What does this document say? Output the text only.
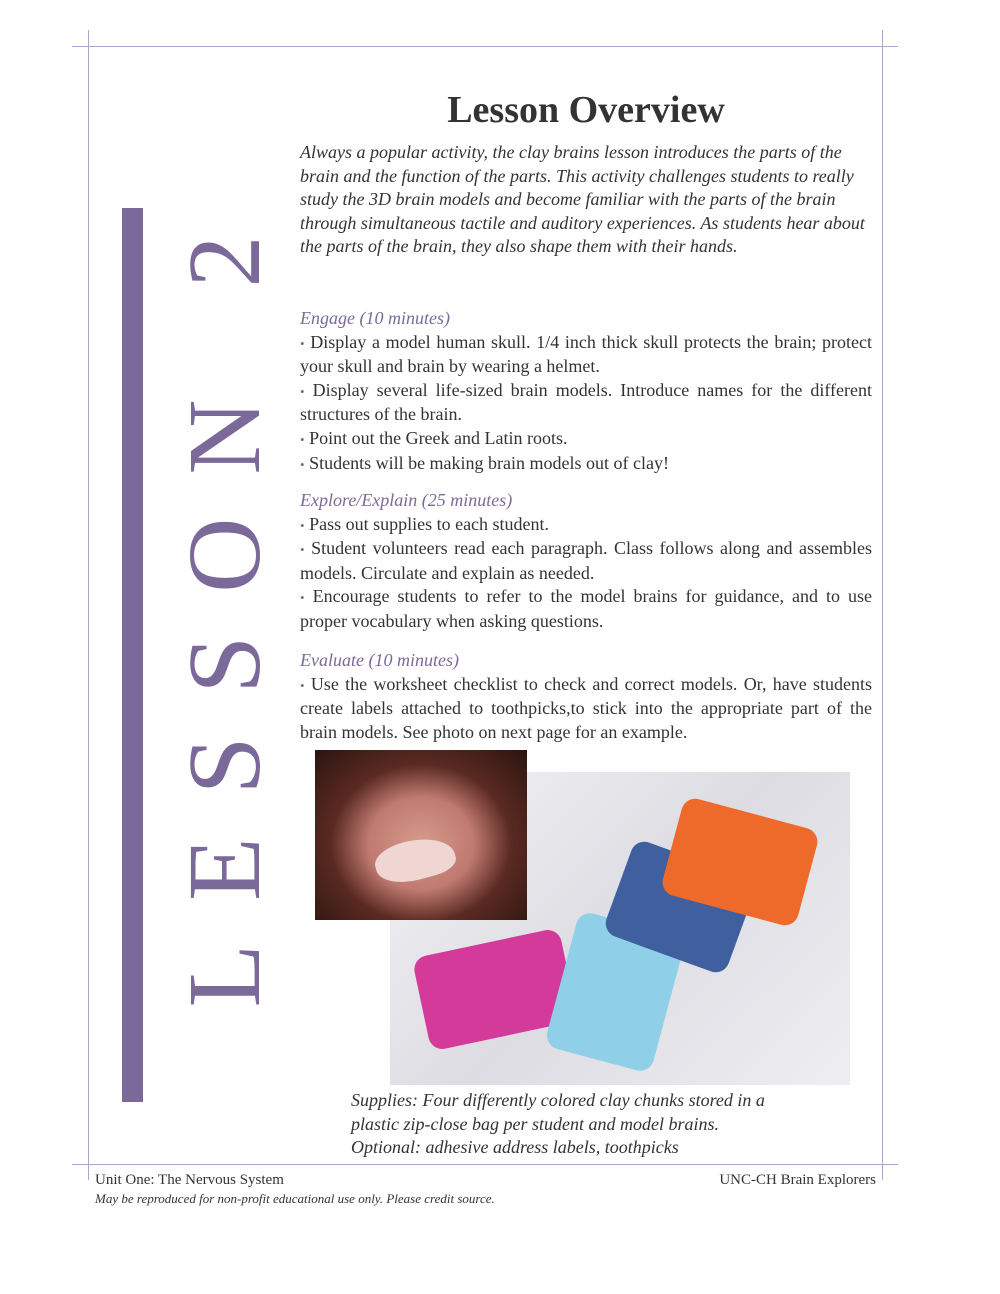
LESSON 2
Lesson Overview

Always a popular activity, the clay brains lesson introduces the parts of the brain and the function of the parts. This activity challenges students to really study the 3D brain models and become familiar with the parts of the brain through simultaneous tactile and auditory experiences. As students hear about the parts of the brain, they also shape them with their hands.

Engage (10 minutes)
• Display a model human skull. 1/4 inch thick skull protects the brain; protect your skull and brain by wearing a helmet.
• Display several life-sized brain models. Introduce names for the different structures of the brain.
• Point out the Greek and Latin roots.
• Students will be making brain models out of clay!
Explore/Explain (25 minutes)
• Pass out supplies to each student.
• Student volunteers read each paragraph. Class follows along and assembles models. Circulate and explain as needed.
• Encourage students to refer to the model brains for guidance, and to use proper vocabulary when asking questions.
Evaluate (10 minutes)
• Use the worksheet checklist to check and correct models. Or, have students create labels attached to toothpicks,to stick into the appropriate part of the brain models. See photo on next page for an example.
Supplies: Four differently colored clay chunks stored in a
plastic zip-close bag per student and model brains.
Optional: adhesive address labels, toothpicks
Unit One: The Nervous System	UNC-CH Brain Explorers
May be reproduced for non-profit educational use only. Please credit source.
